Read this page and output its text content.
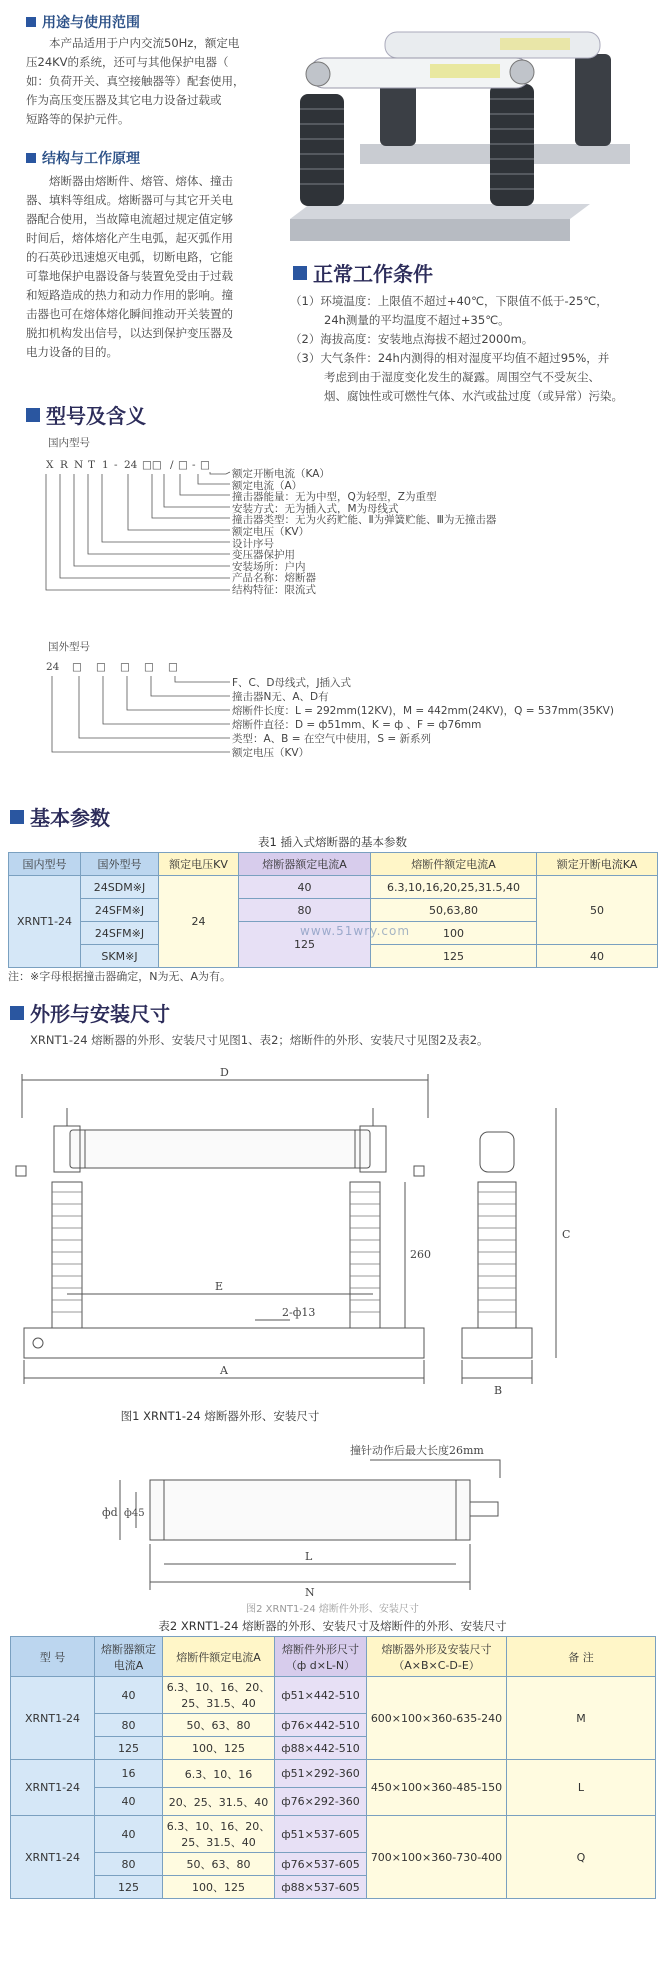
用途与使用范围
本产品适用于户内交流50Hz，额定电
压24KV的系统，还可与其他保护电器（
如：负荷开关、真空接触器等）配套使用，
作为高压变压器及其它电力设备过载或
短路等的保护元件。
结构与工作原理
熔断器由熔断件、熔管、熔体、撞击
器、填料等组成。熔断器可与其它开关电
器配合使用，当故障电流超过规定值定够
时间后，熔体熔化产生电弧，起灭弧作用
的石英砂迅速熄灭电弧，切断电路，它能
可靠地保护电器设备与装置免受由于过载
和短路造成的热力和动力作用的影响。撞
击器也可在熔体熔化瞬间推动开关装置的
脱扣机构发出信号，以达到保护变压器及
电力设备的目的。
正常工作条件
（1）环境温度：上限值不超过+40℃，下限值不低于-25℃，
24h测量的平均温度不超过+35℃。
（2）海拔高度：安装地点海拔不超过2000m。
（3）大气条件：24h内测得的相对湿度平均值不超过95%，并
考虑到由于湿度变化发生的凝露。周围空气不受灰尘、
烟、腐蚀性或可燃性气体、水汽或盐过度（或异常）污染。
型号及含义
国内型号
X R N T 1 - 24 □□ / □ - □
额定开断电流（KA）
额定电流（A）
撞击器能量：无为中型，Q为轻型，Z为重型
安装方式：无为插入式，M为母线式
撞击器类型：无为火药贮能、Ⅱ为弹簧贮能、Ⅲ为无撞击器
额定电压（KV）
设计序号
变压器保护用
安装场所：户内
产品名称：熔断器
结构特征：限流式
国外型号
24 □ □ □ □ □
F、C、D母线式，J插入式
撞击器N无、A、D有
熔断件长度：L = 292mm(12KV)，M = 442mm(24KV)，Q = 537mm(35KV)
熔断件直径：D = ф51mm、K = ф 、F = ф76mm
类型：A、B = 在空气中使用，S = 新系列
额定电压（KV）
基本参数
表1 插入式熔断器的基本参数
国内型号	国外型号	额定电压KV	熔断器额定电流A	熔断件额定电流A	额定开断电流KA
XRNT1-24	24SDM※J	24	40	6.3,10,16,20,25,31.5,40	50
	24SFM※J		80	50,63,80	
	24SFM※J		125	100	
	SKM※J			125	40
www.51wry.com
注：※字母根据撞击器确定，N为无、A为有。
外形与安装尺寸
XRNT1-24 熔断器的外形、安装尺寸见图1、表2；熔断件的外形、安装尺寸见图2及表2。
D
C
E
A
B
260
2-ф13
图1 XRNT1-24 熔断器外形、安装尺寸
撞针动作后最大长度26mm
фd ф45
L
N
图2 XRNT1-24 熔断件外形、安装尺寸
表2 XRNT1-24 熔断器的外形、安装尺寸及熔断件的外形、安装尺寸
型 号	熔断器额定电流A	熔断件额定电流A	熔断件外形尺寸（ф d×L-N）	熔断器外形及安装尺寸（A×B×C-D-E）	备 注
XRNT1-24	40	6.3、10、16、20、25、31.5、40	ф51×442-510	600×100×360-635-240	M
	80	50、63、80	ф76×442-510		
	125	100、125	ф88×442-510		
XRNT1-24	16	6.3、10、16	ф51×292-360	450×100×360-485-150	L
	40	20、25、31.5、40	ф76×292-360		
XRNT1-24	40	6.3、10、16、20、25、31.5、40	ф51×537-605	700×100×360-730-400	Q
	80	50、63、80	ф76×537-605		
	125	100、125	ф88×537-605		
